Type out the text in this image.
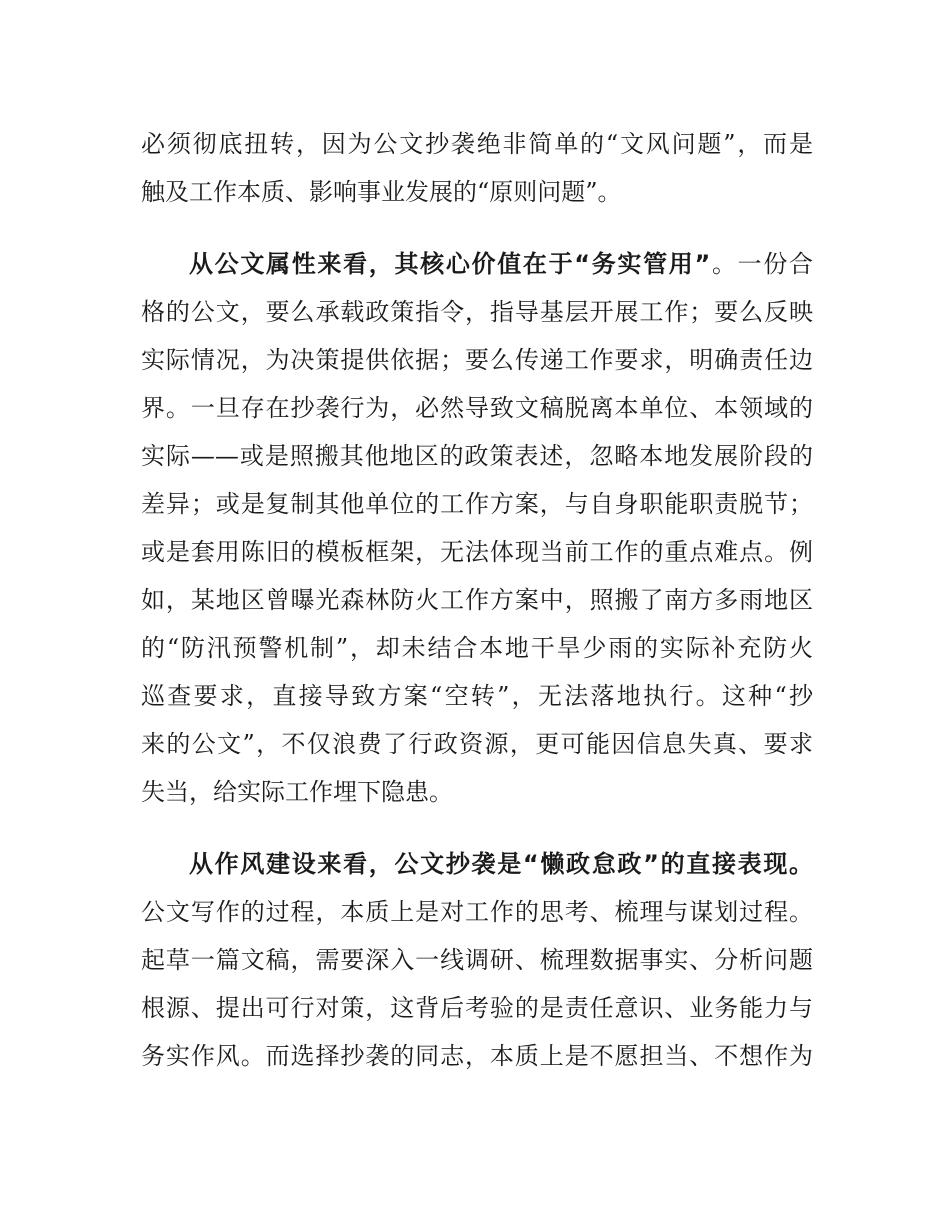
必须彻底扭转，因为公文抄袭绝非简单的“文风问题”，而是
触及工作本质、影响事业发展的“原则问题”。
从公文属性来看，其核心价值在于“务实管用”。一份合
格的公文，要么承载政策指令，指导基层开展工作；要么反映
实际情况，为决策提供依据；要么传递工作要求，明确责任边
界。一旦存在抄袭行为，必然导致文稿脱离本单位、本领域的
实际——或是照搬其他地区的政策表述，忽略本地发展阶段的
差异；或是复制其他单位的工作方案，与自身职能职责脱节；
或是套用陈旧的模板框架，无法体现当前工作的重点难点。例
如，某地区曾曝光森林防火工作方案中，照搬了南方多雨地区
的“防汛预警机制”，却未结合本地干旱少雨的实际补充防火
巡查要求，直接导致方案“空转”，无法落地执行。这种“抄
来的公文”，不仅浪费了行政资源，更可能因信息失真、要求
失当，给实际工作埋下隐患。
从作风建设来看，公文抄袭是“懒政怠政”的直接表现。
公文写作的过程，本质上是对工作的思考、梳理与谋划过程。
起草一篇文稿，需要深入一线调研、梳理数据事实、分析问题
根源、提出可行对策，这背后考验的是责任意识、业务能力与
务实作风。而选择抄袭的同志，本质上是不愿担当、不想作为
